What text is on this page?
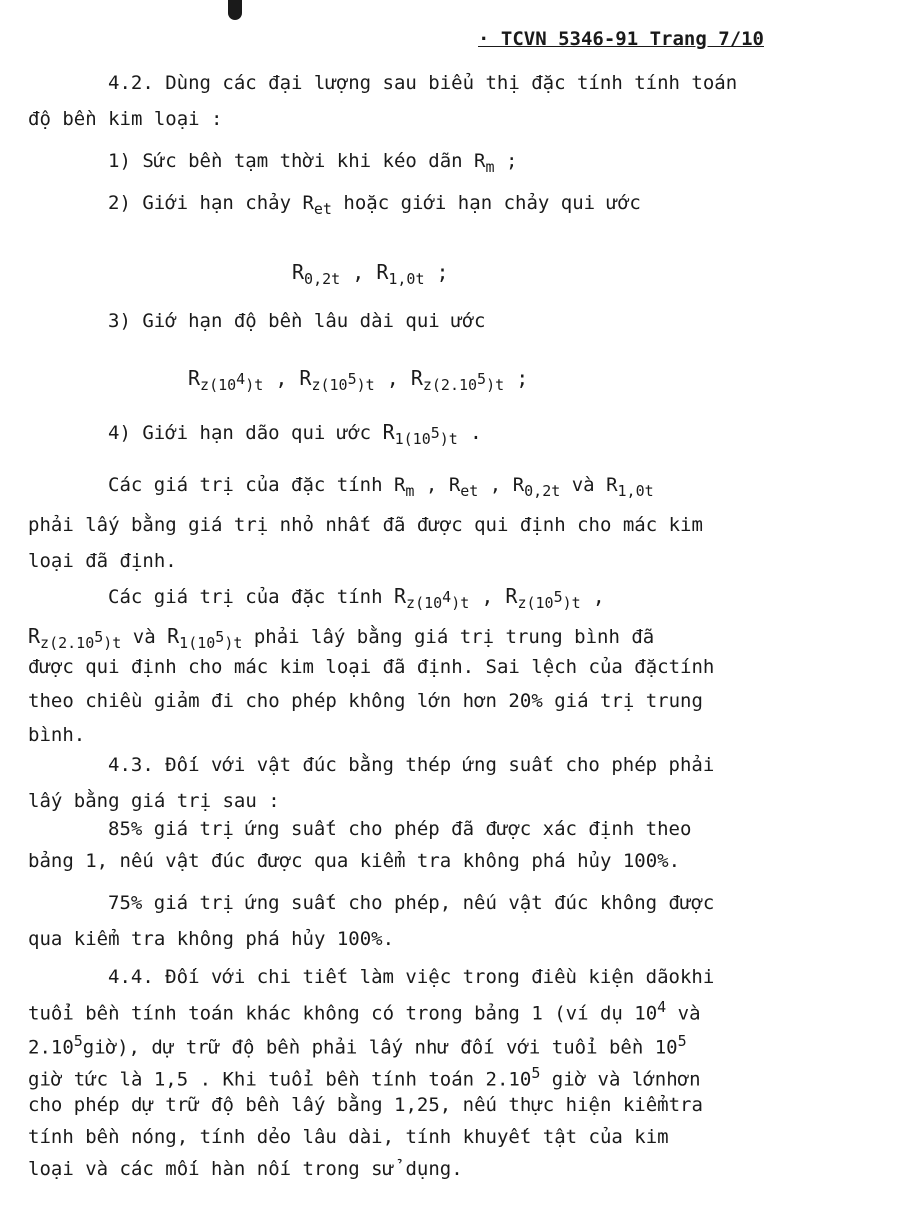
· TCVN 5346-91 Trang 7/10
4.2. Dùng các đại lượng sau biểu thị đặc tính tính toán
độ bền kim loại :
1) Sức bền tạm thời khi kéo dãn $R_m$ ;
2) Giới hạn chảy $R_{et}$ hoặc giới hạn chảy qui ước
$R_{0,2t}$ , $R_{1,0t}$ ;
3) Giớ hạn độ bền lâu dài qui ước
$R_{z(10^4)t}$ , $R_{z(10^5)t}$ , $R_{z(2.10^5)t}$ ;
4) Giới hạn dão qui ước $R_{1(10^5)t}$ .
Các giá trị của đặc tính $R_m$ , $R_{et}$ , $R_{0,2t}$ và $R_{1,0t}$
phải lấy bằng giá trị nhỏ nhất đã được qui định cho mác kim
loại đã định.
Các giá trị của đặc tính $R_{z(10^4)t}$ , $R_{z(10^5)t}$ ,
$R_{z(2.10^5)t}$ và $R_{1(10^5)t}$ phải lấy bằng giá trị trung bình đã
được qui định cho mác kim loại đã định. Sai lệch của đặctính
theo chiều giảm đi cho phép không lớn hơn 20% giá trị trung
bình.
4.3. Đối với vật đúc bằng thép ứng suất cho phép phải
lấy bằng giá trị sau :
85% giá trị ứng suất cho phép đã được xác định theo
bảng 1, nếu vật đúc được qua kiểm tra không phá hủy 100%.
75% giá trị ứng suất cho phép, nếu vật đúc không được
qua kiểm tra không phá hủy 100%.
4.4. Đối với chi tiết làm việc trong điều kiện dãokhi
tuổi bền tính toán khác không có trong bảng 1 (ví dụ $10^4$ và
2.10$^5$giờ), dự trữ độ bền phải lấy như đối với tuổi bền $10^5$
giờ tức là 1,5 . Khi tuổi bền tính toán 2.10$^5$ giờ và lớnhơn
cho phép dự trữ độ bền lấy bằng 1,25, nếu thực hiện kiểmtra
tính bền nóng, tính dẻo lâu dài, tính khuyết tật của kim
loại và các mối hàn nối trong sử dụng.
